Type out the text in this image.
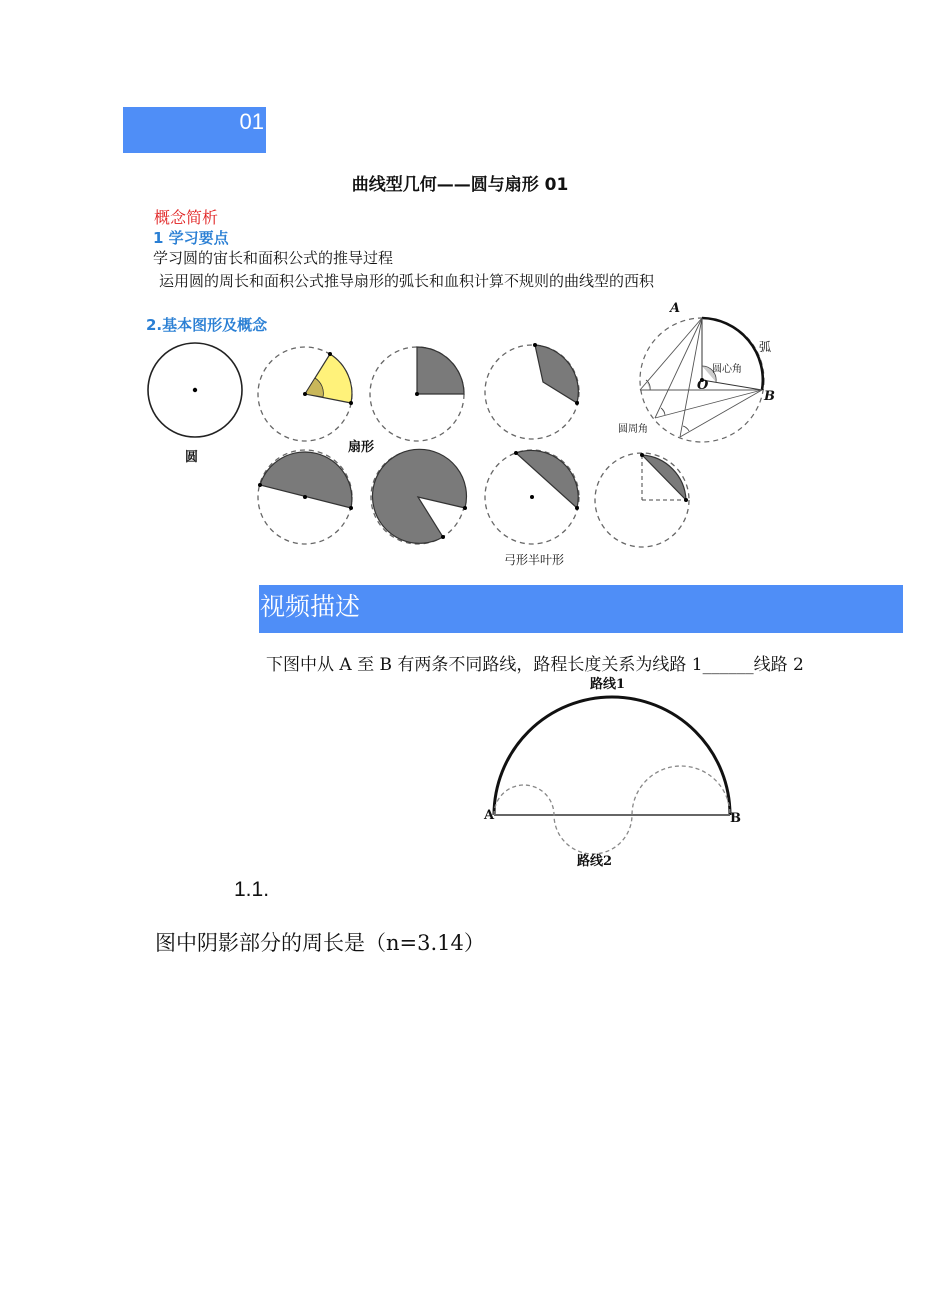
01
曲线型几何——圆与扇形 01
概念简析
1 学习要点
学习圆的宙长和面积公式的推导过程
运用圆的周长和面积公式推导扇形的弧长和血积计算不规则的曲线型的西积
2.基本图形及概念
圆
扇形
弓形半叶形
A
B
O
弧
圆心角
圆周角
视频描述
下图中从 A 至 B 有两条不同路线，路程长度关系为线路 1______线路 2
路线1
路线2
A	B
1.1.
图中阴影部分的周长是（n=3.14）
